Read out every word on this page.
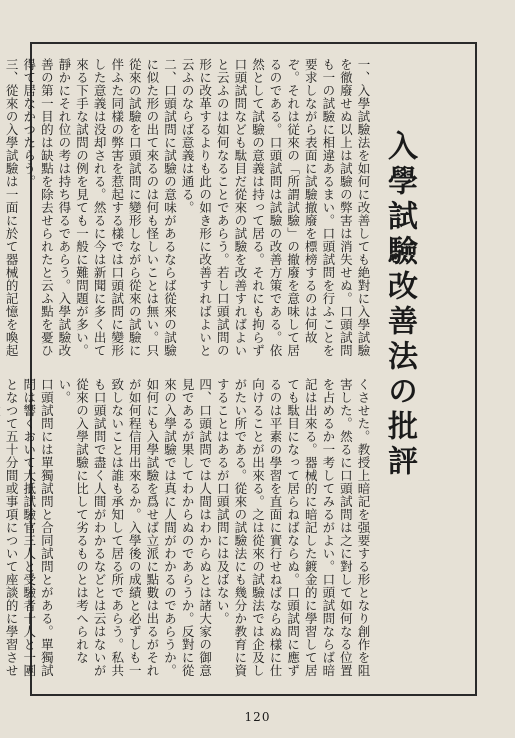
入學試驗改善法の批評
一、入學試驗法を如何に改善しても絶對に入學試驗を徹廢せぬ以上は試驗の弊害は消失せぬ。口頭試問も一の試驗に相違あるまい。口頭試問を行ふことを要求しながら表面に試驗撤廢を標榜するのは何故ぞ。それは従來の「所謂試驗」の撤廢を意味して居るのである。口頭試問は試驗の改善方策である。依然として試驗の意義は持って居る。それにも拘らず口頭試問なども駄目だ從來の試驗を改善すればよいと云ふのは如何なることであらう。若し口頭試問の形に改革するよりも此の如き形に改善すればよいと云ふのならば意義は通る。
二、口頭試問に試驗の意味があるならば從來の試驗に似た形の出て來るのは何も怪しいことは無い。只從來の試驗を口頭試問に變形しながら從來の試驗に伴ふた同樣の弊害を惹起する樣では口頭試問に變形した意義は没却される。然るに今は新聞に多く出て來る下手な試問の例を見ても一般に難問題が多い。靜かにそれ位の考は持ち得るであらう。入學試驗改善の第一目的は缺點を除去せられたと云ふ點を憂ひ得て居なかつたらう。
三、從來の入學試驗は一面に於て器械的記憶を喚起
くさせた。教授上暗記を强要する形となり創作を阻害した。然るに口頭試問は之に對して如何なる位置を占めるか一考してみるがよい。口頭試問ならば暗記は出來る。器械的に暗記した鍍金的に學習して居ても駄目になって居らねばならぬ。口頭試問に應ずるのは平素の學習を直面に實行せねばならぬ樣に仕向けることが出來る。之は從來の試驗法では企及しがたい所である。從來の試驗法にも幾分か教育に資することはあるが口頭試問には及ばない。
四、口頭試問では人間はわからぬとは諸大家の御意見であるが果してわからぬのであらうか。反對に從來の入學試驗では真に人間がわかるのであらうか。如何にも入學試驗を爲せば立派に點數は出るがそれが如何程信用出來るか。入學後の成績と必ずしも一致しないことは誰も承知して居る所であらう。私共も口頭試問で盡く人間がわかるなどとは云はないが從來の入學試驗に比して劣るものとは考へられない。
口頭試問には單獨試問と合同試問とがある。單獨試問は響くおいて大抵試驗官三人と受驗者十人と一團となつて五十分間或事項について座談的に學習させ
120
